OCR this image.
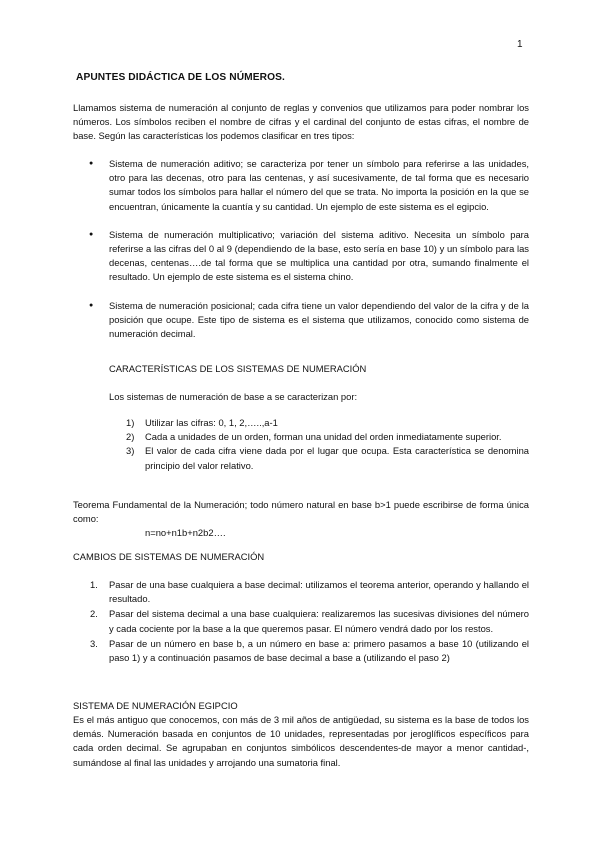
1
APUNTES DIDÁCTICA DE LOS NÚMEROS.
Llamamos sistema de numeración al conjunto de reglas y convenios que utilizamos para poder nombrar los números. Los símbolos reciben el nombre de cifras y el cardinal del conjunto de estas cifras, el nombre de base. Según las características los podemos clasificar en tres tipos:
● Sistema de numeración aditivo; se caracteriza por tener un símbolo para referirse a las unidades, otro para las decenas, otro para las centenas, y así sucesivamente, de tal forma que es necesario sumar todos los símbolos para hallar el número del que se trata. No importa la posición en la que se encuentran, únicamente la cuantía y su cantidad. Un ejemplo de este sistema es el egipcio.
● Sistema de numeración multiplicativo; variación del sistema aditivo. Necesita un símbolo para referirse a las cifras del 0 al 9 (dependiendo de la base, esto sería en base 10) y un símbolo para las decenas, centenas….de tal forma que se multiplica una cantidad por otra, sumando finalmente el resultado. Un ejemplo de este sistema es el sistema chino.
● Sistema de numeración posicional; cada cifra tiene un valor dependiendo del valor de la cifra y de la posición que ocupe. Este tipo de sistema es el sistema que utilizamos, conocido como sistema de numeración decimal.
CARACTERÍSTICAS DE LOS SISTEMAS DE NUMERACIÓN
Los sistemas de numeración de base a se caracterizan por:
1) Utilizar las cifras: 0, 1, 2,…..,a-1
2) Cada a unidades de un orden, forman una unidad del orden inmediatamente superior.
3) El valor de cada cifra viene dada por el lugar que ocupa. Esta característica se denomina principio del valor relativo.
Teorema Fundamental de la Numeración; todo número natural en base b>1 puede escribirse de forma única como:
n=no+n1b+n2b2….
CAMBIOS DE SISTEMAS DE NUMERACIÓN
1. Pasar de una base cualquiera a base decimal: utilizamos el teorema anterior, operando y hallando el resultado.
2. Pasar del sistema decimal a una base cualquiera: realizaremos las sucesivas divisiones del número y cada cociente por la base a la que queremos pasar. El número vendrá dado por los restos.
3. Pasar de un número en base b, a un número en base a: primero pasamos a base 10 (utilizando el paso 1) y a continuación pasamos de base decimal a base a (utilizando el paso 2)
SISTEMA DE NUMERACIÓN EGIPCIO
Es el más antiguo que conocemos, con más de 3 mil años de antigüedad, su sistema es la base de todos los demás. Numeración basada en conjuntos de 10 unidades, representadas por jeroglíficos específicos para cada orden decimal. Se agrupaban en conjuntos simbólicos descendentes-de mayor a menor cantidad-, sumándose al final las unidades y arrojando una sumatoria final.
